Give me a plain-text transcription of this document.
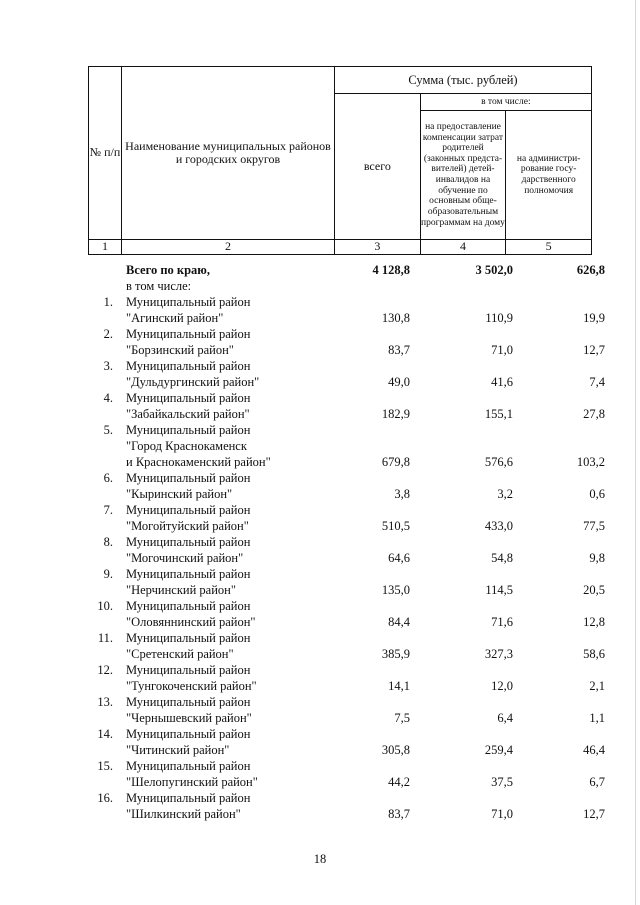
№ п/п	Наименование муниципальных районов и городских округов	Сумма (тыс. рублей)		
		всего	в том числе:	
			на предоставление компенсации затрат родителей (законных предста-вителей) детей-инвалидов на обучение по основным обще-образовательным программам на дому	на администри-рование госу-дарственного полномочия
1	2	3	4	5
Всего по краю,
в том числе:
4 128,8	3 502,0	626,8
1. Муниципальный район
"Агинский район"	130,8	110,9	19,9
2. Муниципальный район
"Борзинский район"	83,7	71,0	12,7
3. Муниципальный район
"Дульдургинский район"	49,0	41,6	7,4
4. Муниципальный район
"Забайкальский район"	182,9	155,1	27,8
5. Муниципальный район
"Город Краснокаменск
и Краснокаменский район"	679,8	576,6	103,2
6. Муниципальный район
"Кыринский район"	3,8	3,2	0,6
7. Муниципальный район
"Могойтуйский район"	510,5	433,0	77,5
8. Муниципальный район
"Могочинский район"	64,6	54,8	9,8
9. Муниципальный район
"Нерчинский район"	135,0	114,5	20,5
10. Муниципальный район
"Оловяннинский район"	84,4	71,6	12,8
11. Муниципальный район
"Сретенский район"	385,9	327,3	58,6
12. Муниципальный район
"Тунгокоченский район"	14,1	12,0	2,1
13. Муниципальный район
"Чернышевский район"	7,5	6,4	1,1
14. Муниципальный район
"Читинский район"	305,8	259,4	46,4
15. Муниципальный район
"Шелопугинский район"	44,2	37,5	6,7
16. Муниципальный район
"Шилкинский район"	83,7	71,0	12,7
18
